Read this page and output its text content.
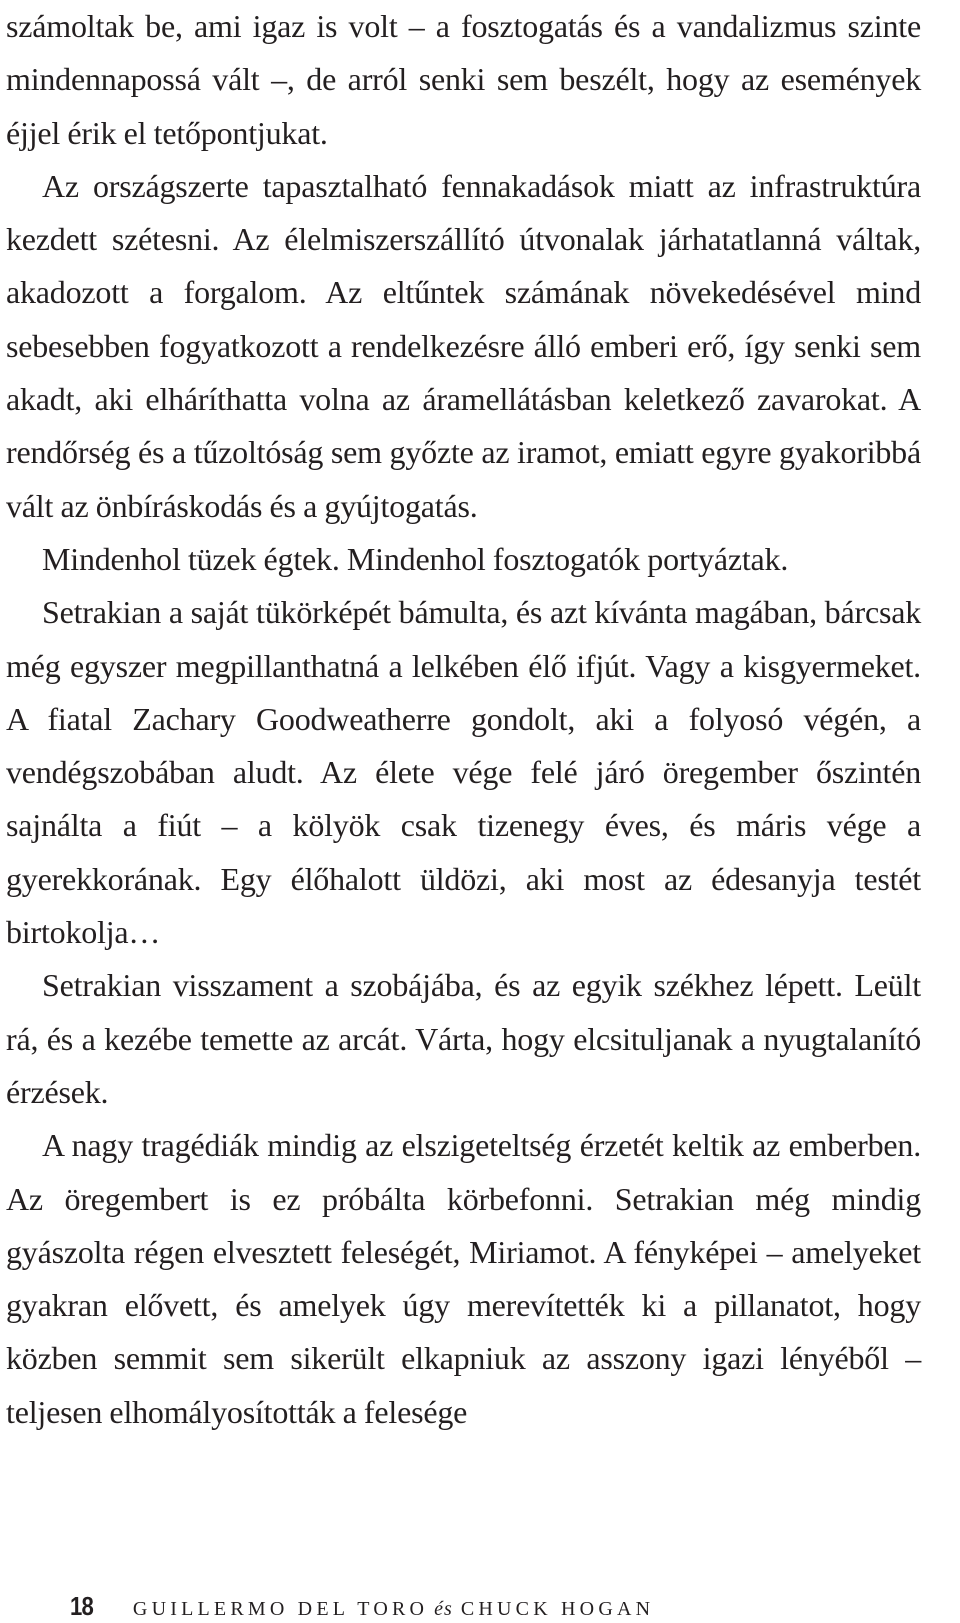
számoltak be, ami igaz is volt – a fosztogatás és a vandalizmus szinte mindennapossá vált –, de arról senki sem beszélt, hogy az események éjjel érik el tetőpontjukat.

Az országszerte tapasztalható fennakadások miatt az infrastruktúra kezdett szétesni. Az élelmiszerszállító útvonalak járhatatlanná váltak, akadozott a forgalom. Az eltűntek számának növekedésével mind sebesebben fogyatkozott a rendelkezésre álló emberi erő, így senki sem akadt, aki elháríthatta volna az áramellátásban keletkező zavarokat. A rendőrség és a tűzoltóság sem győzte az iramot, emiatt egyre gyakoribbá vált az önbíráskodás és a gyújtogatás.

Mindenhol tüzek égtek. Mindenhol fosztogatók portyáztak.

Setrakian a saját tükörképét bámulta, és azt kívánta magában, bárcsak még egyszer megpillanthatná a lelkében élő ifjút. Vagy a kisgyermeket. A fiatal Zachary Goodweatherre gondolt, aki a folyosó végén, a vendégszobában aludt. Az élete vége felé járó öregember őszintén sajnálta a fiút – a kölyök csak tizenegy éves, és máris vége a gyerekkorának. Egy élőhalott üldözi, aki most az édesanyja testét birtokolja…

Setrakian visszament a szobájába, és az egyik székhez lépett. Leült rá, és a kezébe temette az arcát. Várta, hogy elcsituljanak a nyugtalanító érzések.

A nagy tragédiák mindig az elszigeteltség érzetét keltik az emberben. Az öregembert is ez próbálta körbefonni. Setrakian még mindig gyászolta régen elvesztett feleségét, Miriamot. A fényképei – amelyeket gyakran elővett, és amelyek úgy merevítették ki a pillanatot, hogy közben semmit sem sikerült elkapniuk az asszony igazi lényéből – teljesen elhomályosították a felesége

18 GUILLERMO DEL TORO és CHUCK HOGAN
